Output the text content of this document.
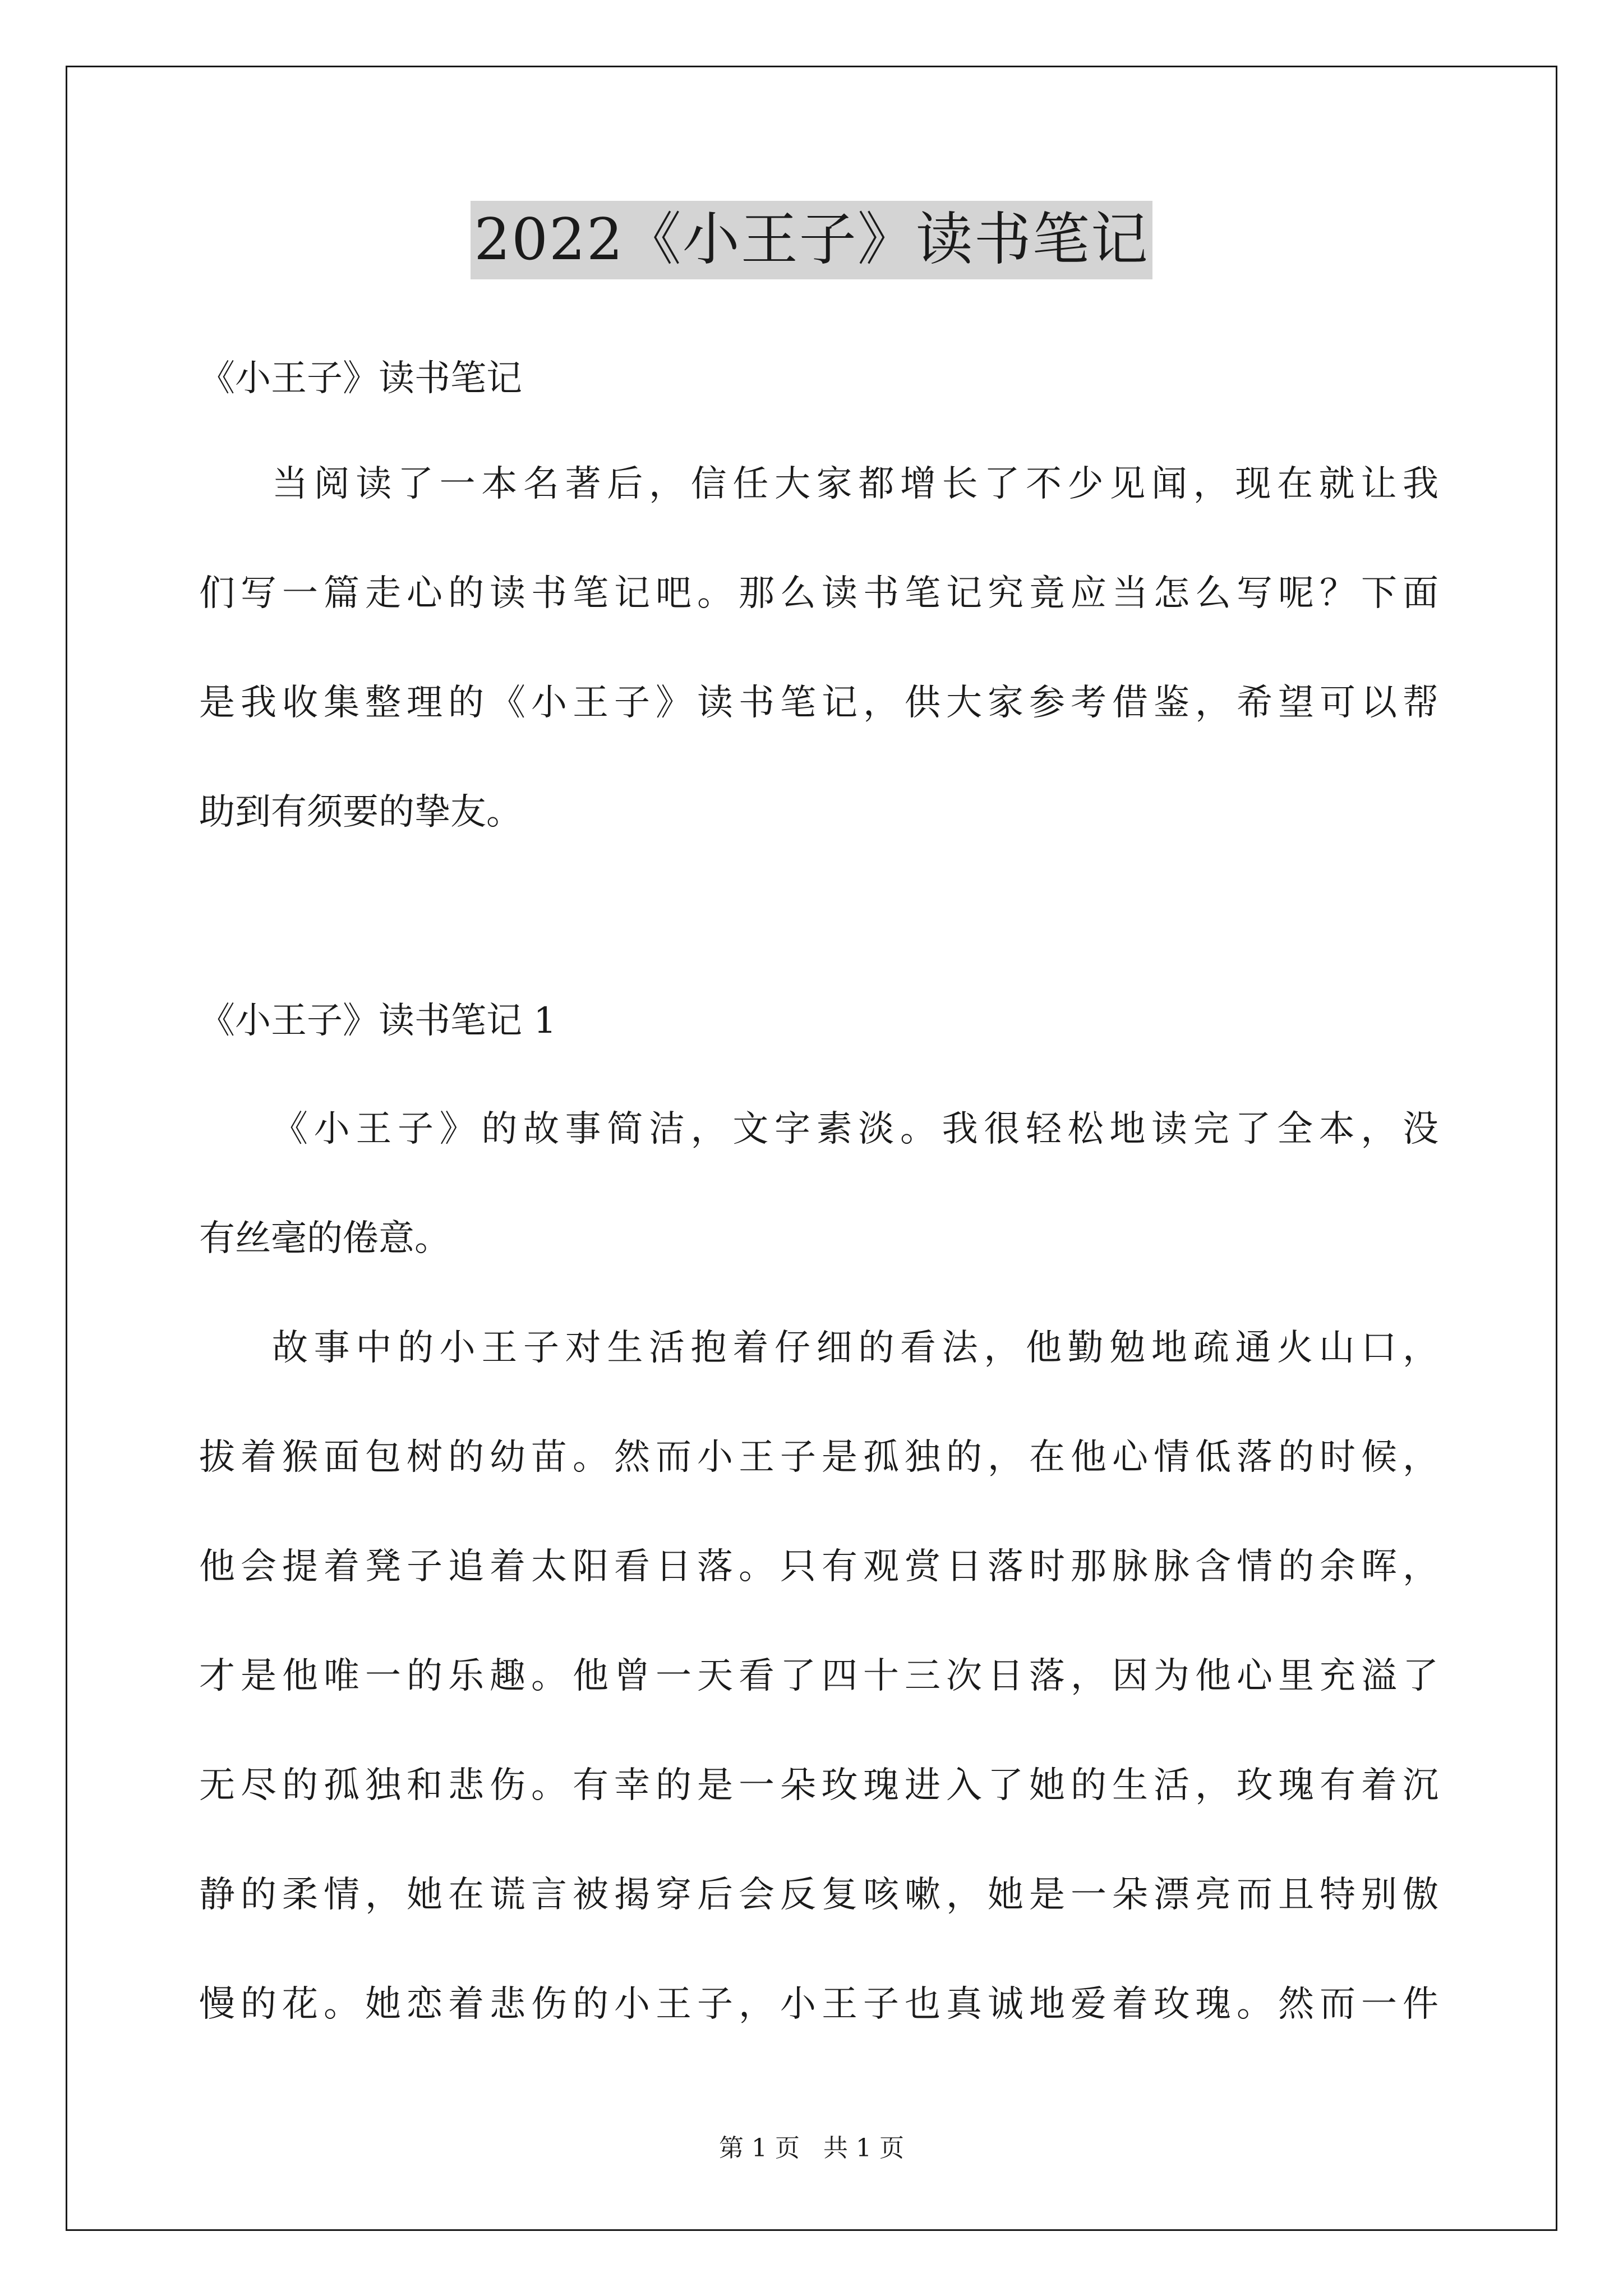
2022《小王子》读书笔记
《小王子》读书笔记
当阅读了一本名著后，信任大家都增长了不少见闻，现在就让我
们写一篇走心的读书笔记吧。那么读书笔记究竟应当怎么写呢？下面
是我收集整理的《小王子》读书笔记，供大家参考借鉴，希望可以帮
助到有须要的挚友。
《小王子》读书笔记 1
《小王子》的故事简洁，文字素淡。我很轻松地读完了全本，没
有丝毫的倦意。
故事中的小王子对生活抱着仔细的看法，他勤勉地疏通火山口，
拔着猴面包树的幼苗。然而小王子是孤独的，在他心情低落的时候，
他会提着凳子追着太阳看日落。只有观赏日落时那脉脉含情的余晖，
才是他唯一的乐趣。他曾一天看了四十三次日落，因为他心里充溢了
无尽的孤独和悲伤。有幸的是一朵玫瑰进入了她的生活，玫瑰有着沉
静的柔情，她在谎言被揭穿后会反复咳嗽，她是一朵漂亮而且特别傲
慢的花。她恋着悲伤的小王子，小王子也真诚地爱着玫瑰。然而一件
第 1 页 共 1 页
